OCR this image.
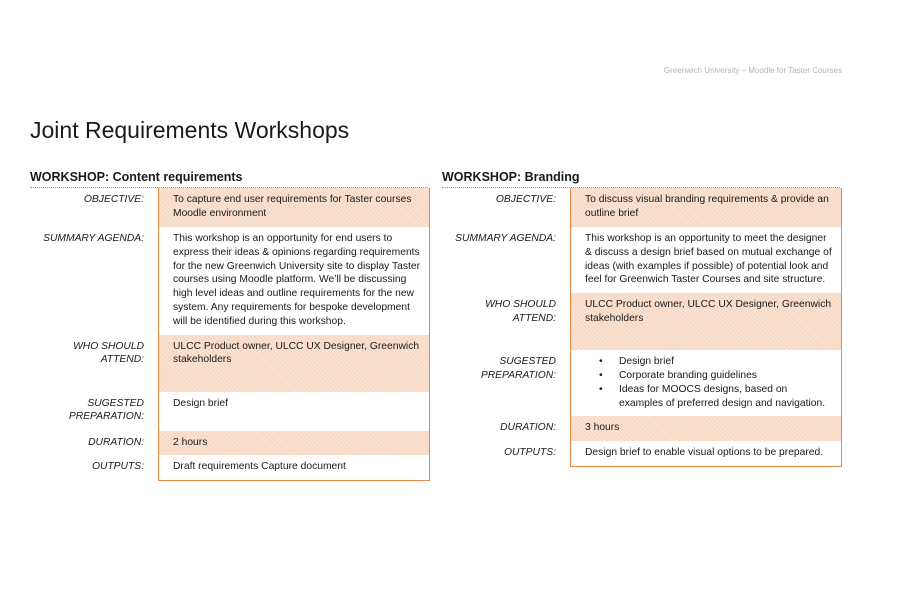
Greenwich University – Moodle for Taster Courses
Joint Requirements Workshops
WORKSHOP: Content requirements
OBJECTIVE:	To capture end user requirements for Taster courses Moodle environment
SUMMARY AGENDA:	This workshop is an opportunity for end users to express their ideas & opinions regarding requirements for the new Greenwich University site to display Taster courses using Moodle platform. We’ll be discussing high level ideas and outline requirements for the new system. Any requirements for bespoke development will be identified during this workshop.
WHO SHOULD
ATTEND:
ULCC Product owner, ULCC UX Designer, Greenwich stakeholders
SUGESTED
PREPARATION:
Design brief
DURATION:	2 hours
OUTPUTS:	Draft requirements Capture document
WORKSHOP: Branding
OBJECTIVE:	To discuss visual branding requirements & provide an outline brief
SUMMARY AGENDA:	This workshop is an opportunity to meet the designer & discuss a design brief based on mutual exchange of ideas (with examples if possible) of potential look and feel for Greenwich Taster Courses and site structure.
WHO SHOULD
ATTEND:
ULCC Product owner, ULCC UX Designer, Greenwich stakeholders
SUGESTED
PREPARATION:
• Design brief
• Corporate branding guidelines
• Ideas for MOOCS designs, based on examples of preferred design and navigation.
DURATION:	3 hours
OUTPUTS:	Design brief to enable visual options to be prepared.
